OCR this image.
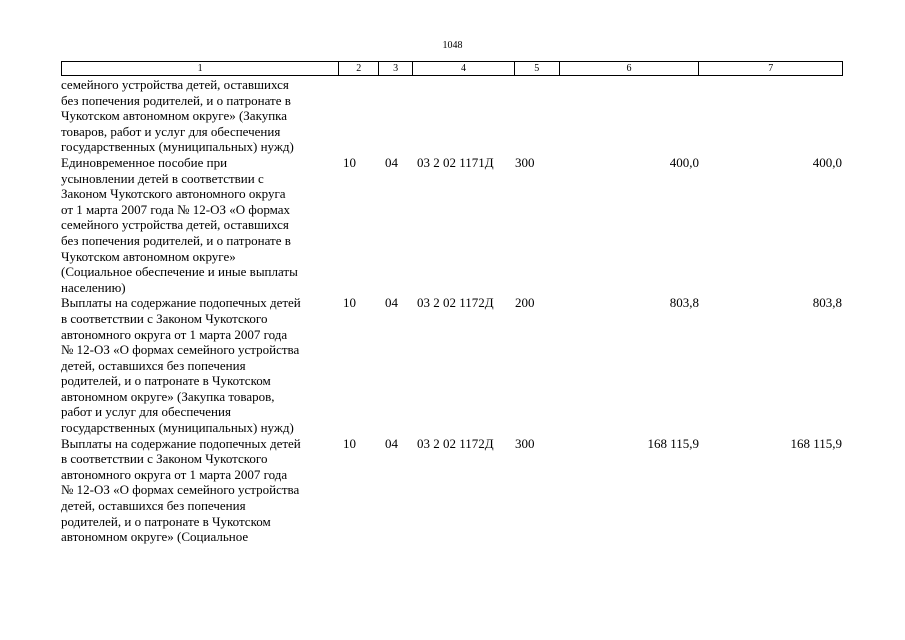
1048
1	2	3	4	5	6	7
семейного устройства детей, оставшихся
без попечения родителей, и о патронате в
Чукотском автономном округе» (Закупка
товаров, работ и услуг для обеспечения
государственных (муниципальных) нужд)
Единовременное пособие при
усыновлении детей в соответствии с
Законом Чукотского автономного округа
от 1 марта 2007 года № 12-ОЗ «О формах
семейного устройства детей, оставшихся
без попечения родителей, и о патронате в
Чукотском автономном округе»
(Социальное обеспечение и иные выплаты
населению)
10	04	03 2 02 1171Д	300	400,0	400,0
Выплаты на содержание подопечных детей
в соответствии с Законом Чукотского
автономного округа от 1 марта 2007 года
№ 12-ОЗ «О формах семейного устройства
детей, оставшихся без попечения
родителей, и о патронате в Чукотском
автономном округе» (Закупка товаров,
работ и услуг для обеспечения
государственных (муниципальных) нужд)
10	04	03 2 02 1172Д	200	803,8	803,8
Выплаты на содержание подопечных детей
в соответствии с Законом Чукотского
автономного округа от 1 марта 2007 года
№ 12-ОЗ «О формах семейного устройства
детей, оставшихся без попечения
родителей, и о патронате в Чукотском
автономном округе» (Социальное
10	04	03 2 02 1172Д	300	168 115,9	168 115,9
